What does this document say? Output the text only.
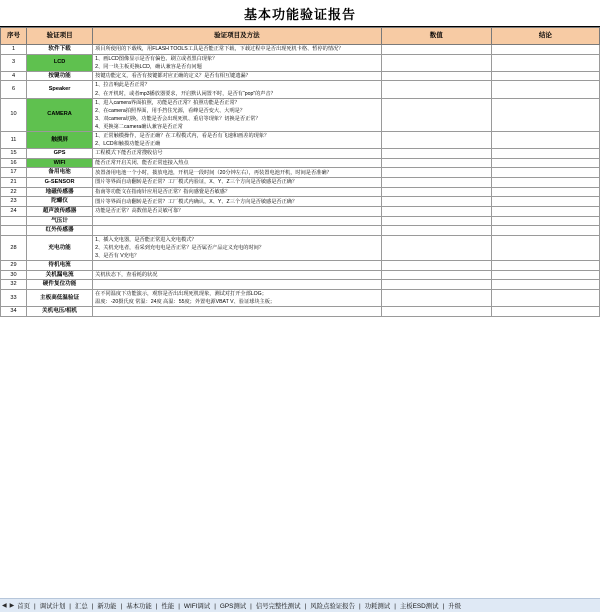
基本功能验证报告
序号	验证项目	验证项目及方法	数值	结论
1	软件下载	项目所使用的下载线，用FLASH TOOLS工具是否能正常下载，下载过程中是否出现死机卡格、暂停的情况？		

3	LCD	1、画LCD图像显示是否有偏色、刷立或者黑白现象？
2、同一块主板更换LCD，确认兼容是否有问题		

4	按键功能	按键功能定义，看否有按键都对应正确的定义？是否有相互键遗漏？		

6	Speaker	1、拉音响此是否正常？
2、在开机时，或者mp3播放器要求，开启默认闲置不时，是否有“pop”的声音？		

10	CAMERA	1、进入camera界面拍照，功能是否正常？拍照功能是否正常？
2、在camera拍照界面，用手挡住光源，看峰是否变大、大明是？
3、双camera切换，功能是否会出现死机、重启等现象？切换是否正常？
4、更换第二camera确认兼容是否正常		

11	触摸屏	1、正常触模操作，是否正确？在工程模式内，看是否有飞速和画差的现象？
2、LCD和触摸功能是否正确		

15	GPS	工程模式下能否正常搜收信号		

16	WIFI	能否正常开启关闭、能否正常连接入热点		

17	备用电池	放置备用电池一个小时，拨放电池，开机是一段时间（20分钟左右），再装置电池开机，时间是否准确？		

21	G-SENSOR	图片等界面自动翻转是否正常？工厂模式内验证，X、Y、Z三个方向是否敏感是否正确？		

22	地磁传感器	指南等功能文在指南针应用是否正常？指向感覺是否敏感？		

23	陀螺仪	图片等界面自动翻转是否正常？工厂模式内确认，X、Y、Z三个方向是否敏感是否正确？		

24	超声波传感器	功能是否正常？高数值是否灵敏可靠？		

	气压计	

	红外传感器	

28	充电功能	1、插入充电器，是否能正常进入充电模式？
2、关机充电者，看采到充电电是否正常？是否属否产品定义充电的时间？
3、是否有 V充电？		

29	待机电流	

30	关机漏电流	关机状态下，查看耗的状况		

32	硬件复位功能	

33	主板高低温验证	在不同温度下功能演示，观察是否出出现死机现象，测试对打开全部LOG；
温度：-20摄氏度 常温：24度 高温：55度；外置电源VBAT V、验证球块主板；		

34	关机电压/相机	

◀ ▶ 首页 | 调试计划 | 汇总 | 新功能 | 基本功能 | 性能 | WIFI调试 | GPS测试 | 信号完整性测试 | 风险点验证报告 | 功耗测试 | 主板ESD测试 | 升级
